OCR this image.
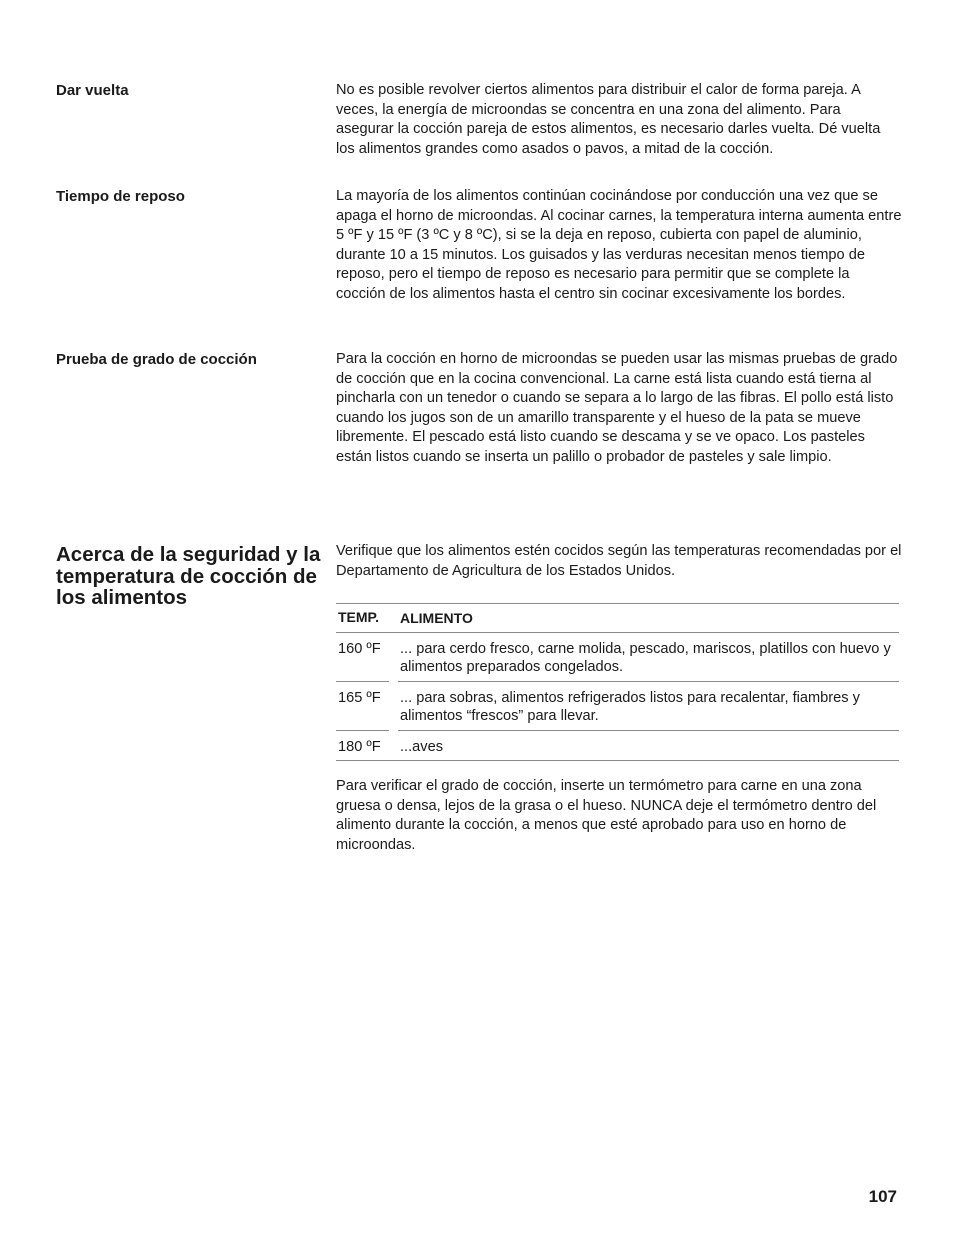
Dar vuelta	No es posible revolver ciertos alimentos para distribuir el calor de forma pareja. A veces, la energía de microondas se concentra en una zona del alimento. Para asegurar la cocción pareja de estos alimentos, es necesario darles vuelta. Dé vuelta los alimentos grandes como asados o pavos, a mitad de la cocción.
Tiempo de reposo	La mayoría de los alimentos continúan cocinándose por conducción una vez que se apaga el horno de microondas. Al cocinar carnes, la temperatura interna aumenta entre 5 ºF y 15 ºF (3 ºC y 8 ºC), si se la deja en reposo, cubierta con papel de aluminio, durante 10 a 15 minutos. Los guisados y las verduras necesitan menos tiempo de reposo, pero el tiempo de reposo es necesario para permitir que se complete la cocción de los alimentos hasta el centro sin cocinar excesivamente los bordes.
Prueba de grado de cocción	Para la cocción en horno de microondas se pueden usar las mismas pruebas de grado de cocción que en la cocina convencional. La carne está lista cuando está tierna al pincharla con un tenedor o cuando se separa a lo largo de las fibras. El pollo está listo cuando los jugos son de un amarillo transparente y el hueso de la pata se mueve libremente. El pescado está listo cuando se descama y se ve opaco. Los pasteles están listos cuando se inserta un palillo o probador de pasteles y sale limpio.
Acerca de la seguridad y la temperatura de cocción de los alimentos
Verifique que los alimentos estén cocidos según las temperaturas recomendadas por el Departamento de Agricultura de los Estados Unidos.
TEMP. ALIMENTO
160 ºF ... para cerdo fresco, carne molida, pescado, mariscos, platillos con huevo y alimentos preparados congelados.
165 ºF ... para sobras, alimentos refrigerados listos para recalentar, fiambres y alimentos “frescos” para llevar.
180 ºF ...aves
Para verificar el grado de cocción, inserte un termómetro para carne en una zona gruesa o densa, lejos de la grasa o el hueso. NUNCA deje el termómetro dentro del alimento durante la cocción, a menos que esté aprobado para uso en horno de microondas.
107
